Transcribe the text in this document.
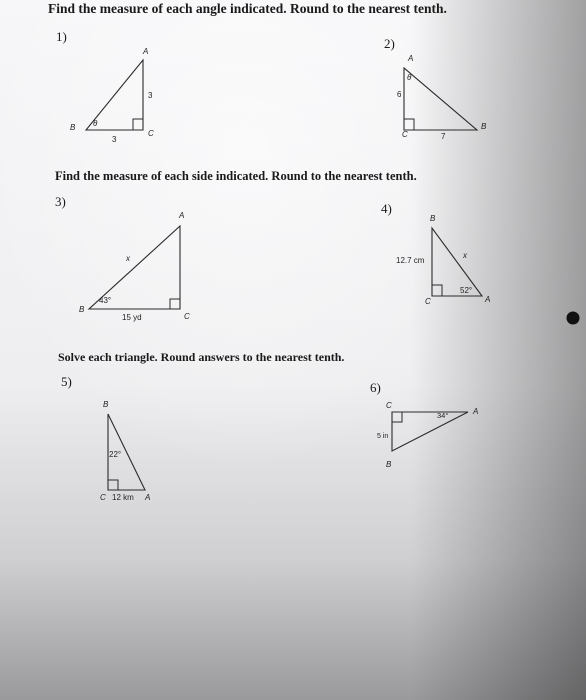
Find the measure of each angle indicated. Round to the nearest tenth.
Find the measure of each side indicated. Round to the nearest tenth.
Solve each triangle. Round answers to the nearest tenth.
1)
A
B
C
3
3
θ
2)
A
C
B
6
7
θ
3)
A
B
C
x
15 yd
43°
4)
B
C	A
12.7 cm
x
52°
5)
B
C	A
12 km
22°
6)
C
A
B
5 in
34°
